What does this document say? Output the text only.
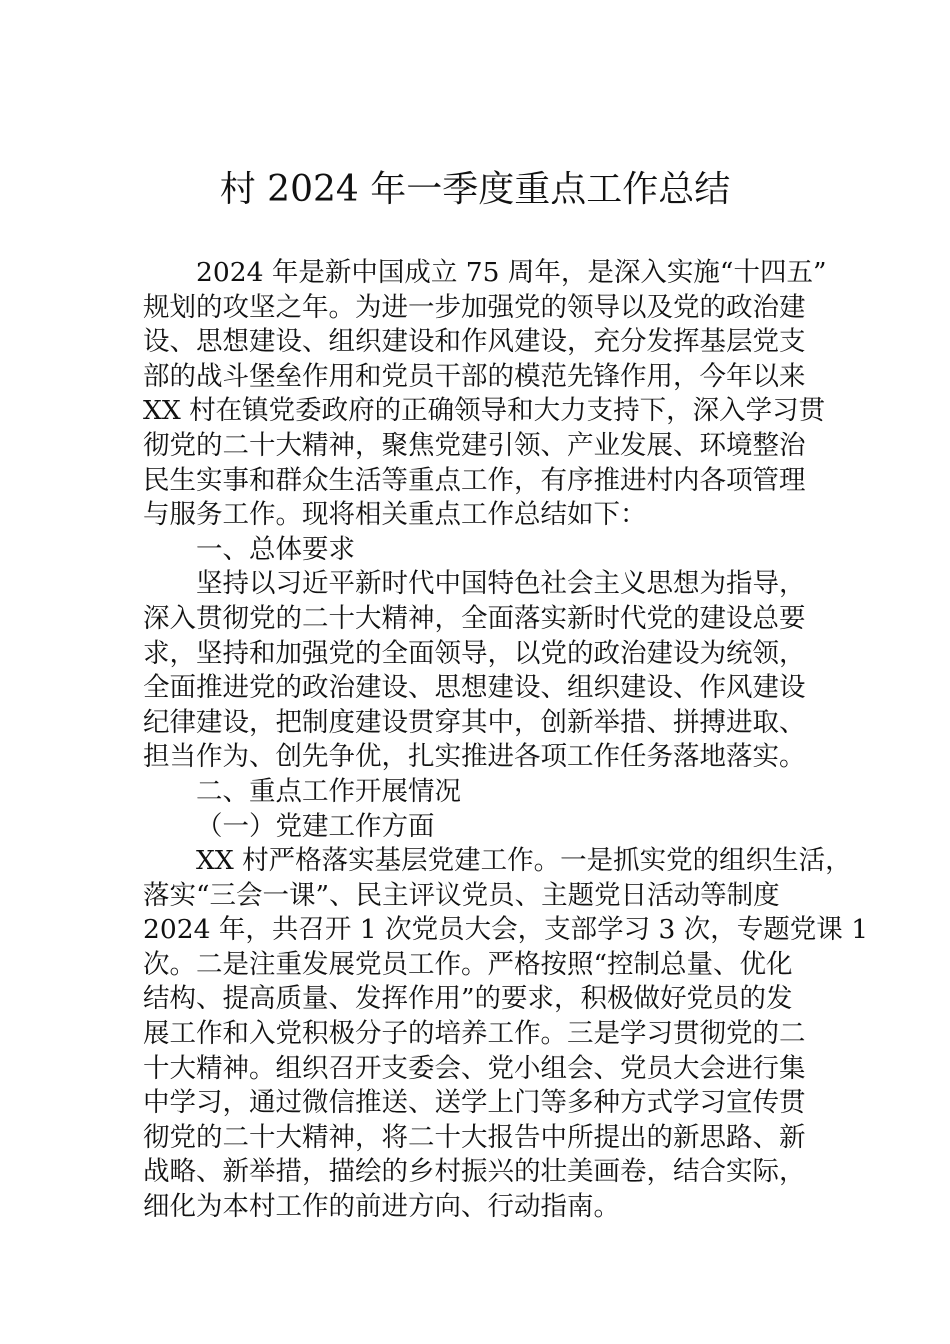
村 2024 年一季度重点工作总结
2024 年是新中国成立 75 周年，是深入实施“十四五”
规划的攻坚之年。为进一步加强党的领导以及党的政治建
设、思想建设、组织建设和作风建设，充分发挥基层党支
部的战斗堡垒作用和党员干部的模范先锋作用，今年以来
XX 村在镇党委政府的正确领导和大力支持下，深入学习贯
彻党的二十大精神，聚焦党建引领、产业发展、环境整治
民生实事和群众生活等重点工作，有序推进村内各项管理
与服务工作。现将相关重点工作总结如下：
一、总体要求
坚持以习近平新时代中国特色社会主义思想为指导，
深入贯彻党的二十大精神，全面落实新时代党的建设总要
求，坚持和加强党的全面领导，以党的政治建设为统领，
全面推进党的政治建设、思想建设、组织建设、作风建设
纪律建设，把制度建设贯穿其中，创新举措、拼搏进取、
担当作为、创先争优，扎实推进各项工作任务落地落实。
二、重点工作开展情况
（一）党建工作方面
XX 村严格落实基层党建工作。一是抓实党的组织生活，
落实“三会一课”、民主评议党员、主题党日活动等制度
2024 年，共召开 1 次党员大会，支部学习 3 次，专题党课 1
次。二是注重发展党员工作。严格按照“控制总量、优化
结构、提高质量、发挥作用”的要求，积极做好党员的发
展工作和入党积极分子的培养工作。三是学习贯彻党的二
十大精神。组织召开支委会、党小组会、党员大会进行集
中学习，通过微信推送、送学上门等多种方式学习宣传贯
彻党的二十大精神，将二十大报告中所提出的新思路、新
战略、新举措，描绘的乡村振兴的壮美画卷，结合实际，
细化为本村工作的前进方向、行动指南。
